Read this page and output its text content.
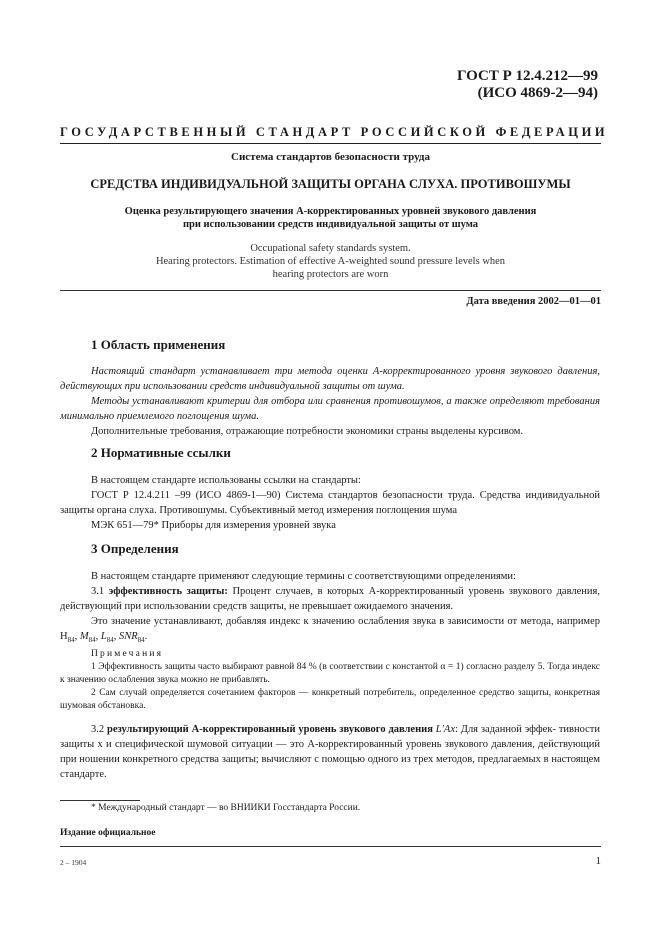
ГОСТ Р 12.4.212—99
(ИСО 4869-2—94)
ГОСУДАРСТВЕННЫЙ СТАНДАРТ РОССИЙСКОЙ ФЕДЕРАЦИИ
Система стандартов безопасности труда
СРЕДСТВА ИНДИВИДУАЛЬНОЙ ЗАЩИТЫ ОРГАНА СЛУХА. ПРОТИВОШУМЫ
Оценка результирующего значения A-корректированных уровней звукового давления
при использовании средств индивидуальной защиты от шума
Occupational safety standards system.
Hearing protectors. Estimation of effective A-weighted sound pressure levels when
hearing protectors are worn
Дата введения 2002—01—01
1 Область применения

Настоящий стандарт устанавливает три метода оценки A-корректированного уровня звукового давления, действующих при использовании средств индивидуальной защиты от шума.

Методы устанавливают критерии для отбора или сравнения противошумов, а также определяют требования минимально приемлемого поглощения шума.

Дополнительные требования, отражающие потребности экономики страны выделены курсивом.

2 Нормативные ссылки

В настоящем стандарте использованы ссылки на стандарты:

ГОСТ Р 12.4.211 –99 (ИСО 4869-1—90) Система стандартов безопасности труда. Средства индивидуальной защиты органа слуха. Противошумы. Субъективный метод измерения поглощения шума

МЭК 651—79* Приборы для измерения уровней звука

3 Определения

В настоящем стандарте применяют следующие термины с соответствующими определениями:

3.1 эффективность защиты: Процент случаев, в которых A-корректированный уровень звукового давления, действующий при использовании средств защиты, не превышает ожидаемого значения.

Это значение устанавливают, добавляя индекс к значению ослабления звука в зависимости от метода, например $H_{84}$, $M_{84}$, $L_{84}$, $SNR_{84}$.

Примечания

1 Эффективность защиты часто выбирают равной 84 % (в соответствии с константой α = 1) согласно разделу 5. Тогда индекс к значению ослабления звука можно не прибавлять.

2 Сам случай определяется сочетанием факторов — конкретный потребитель, определенное средство защиты, конкретная шумовая обстановка.

3.2 результирующий A-корректированный уровень звукового давления L′Ax: Для заданной эффек- тивности защиты x и специфической шумовой ситуации — это A-корректированный уровень звукового давления, действующий при ношении конкретного средства защиты; вычисляют с помощью одного из трех методов, предлагаемых в настоящем стандарте.

* Международный стандарт — во ВНИИКИ Госстандарта России.
Издание официальное
2 – 1904	1
